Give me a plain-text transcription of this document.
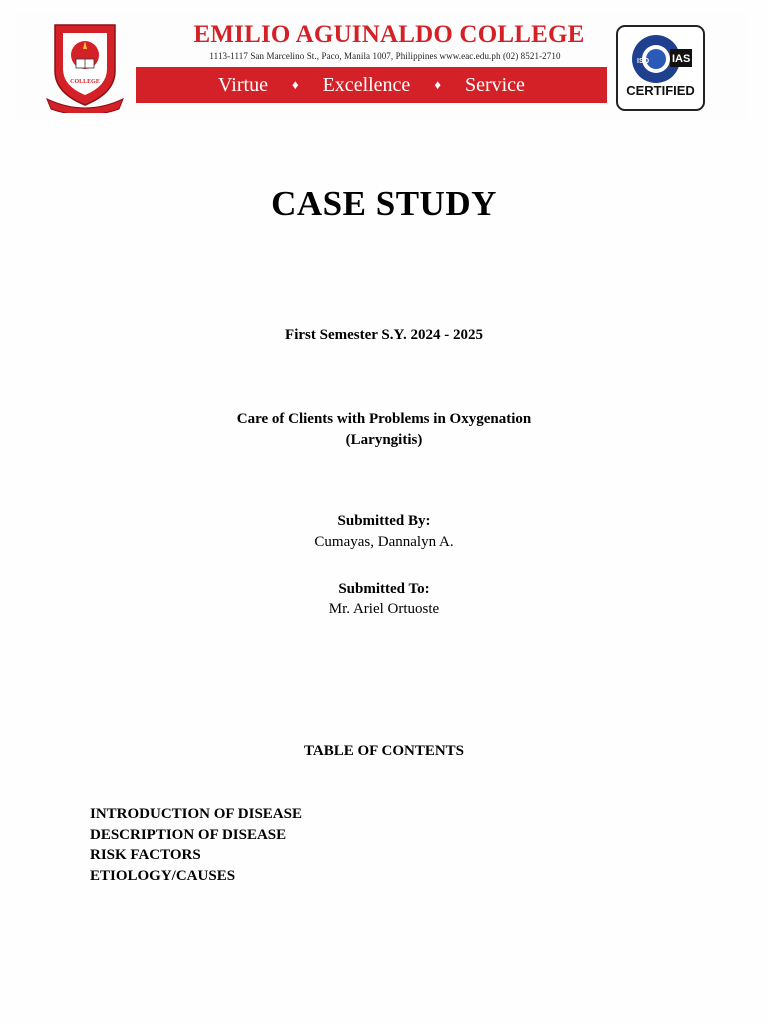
COLLEGE
EMILIO AGUINALDO COLLEGE
1113-1117 San Marcelino St., Paco, Manila 1007, Philippines www.eac.edu.ph (02) 8521-2710
Virtue ♦ Excellence ♦ Service
ISO IAS
CERTIFIED
CASE STUDY
First Semester S.Y. 2024 - 2025
Care of Clients with Problems in Oxygenation
(Laryngitis)
Submitted By:
Cumayas, Dannalyn A.
Submitted To:
Mr. Ariel Ortuoste
TABLE OF CONTENTS
INTRODUCTION OF DISEASE
DESCRIPTION OF DISEASE
RISK FACTORS
ETIOLOGY/CAUSES
